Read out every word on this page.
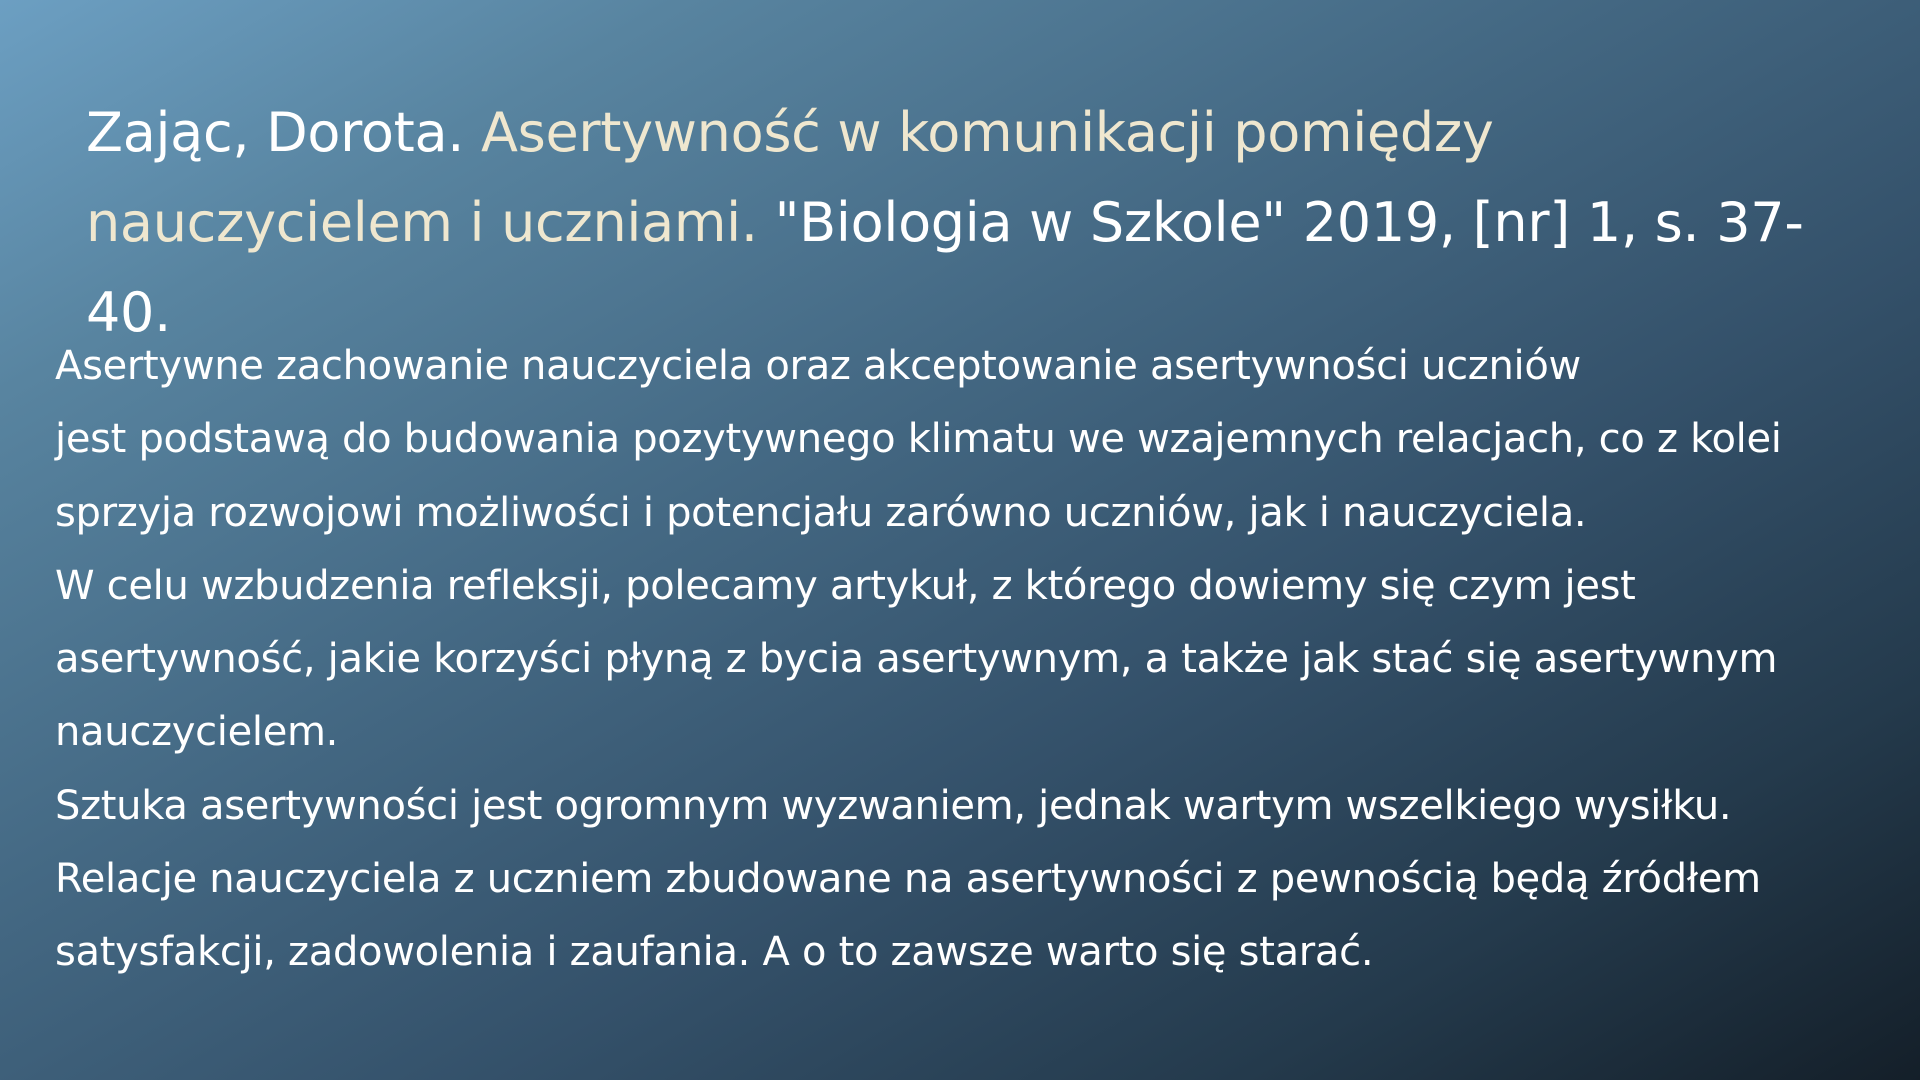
Zając, Dorota. Asertywność w komunikacji pomiędzy
nauczycielem i uczniami. "Biologia w Szkole" 2019, [nr] 1, s. 37-40.

Asertywne zachowanie nauczyciela oraz akceptowanie asertywności uczniów
jest podstawą do budowania pozytywnego klimatu we wzajemnych relacjach, co z kolei
sprzyja rozwojowi możliwości i potencjału zarówno uczniów, jak i nauczyciela.
W celu wzbudzenia refleksji, polecamy artykuł, z którego dowiemy się czym jest
asertywność, jakie korzyści płyną z bycia asertywnym, a także jak stać się asertywnym
nauczycielem.
Sztuka asertywności jest ogromnym wyzwaniem, jednak wartym wszelkiego wysiłku.
Relacje nauczyciela z uczniem zbudowane na asertywności z pewnością będą źródłem
satysfakcji, zadowolenia i zaufania. A o to zawsze warto się starać.
